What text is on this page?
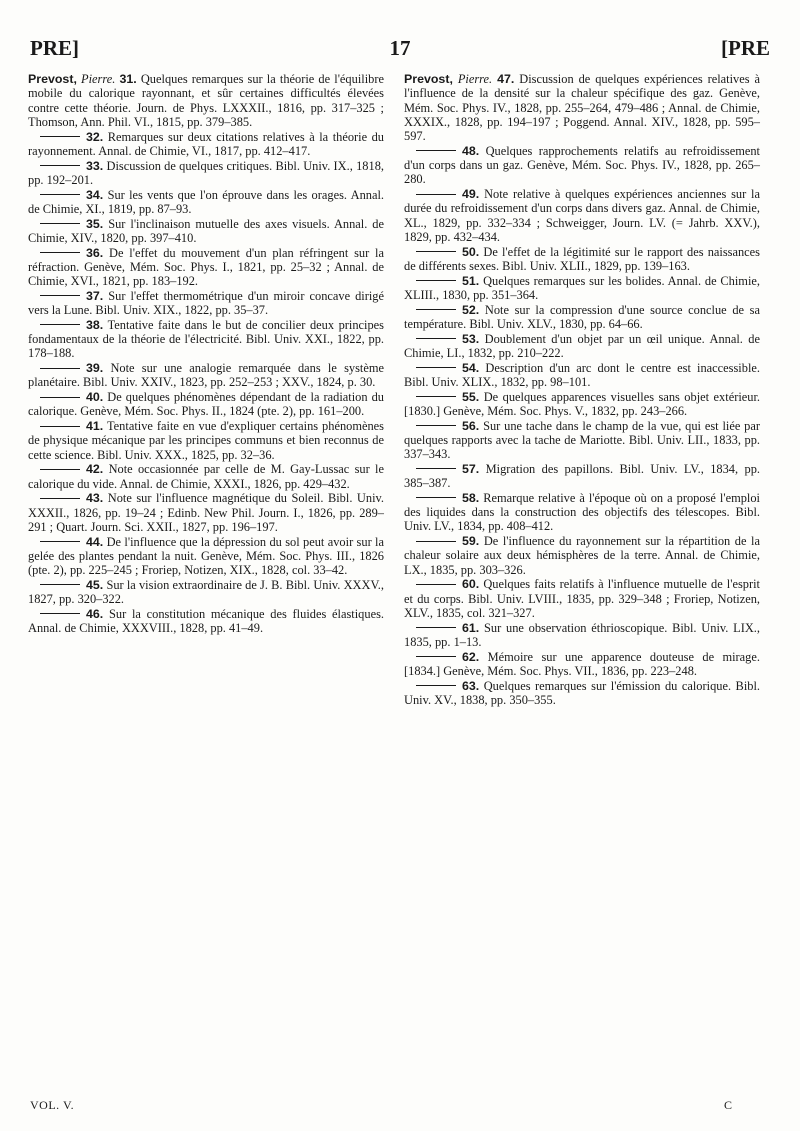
PRE]	17	[PRE

Prevost, Pierre. 31. Quelques remarques sur la théorie de l'équilibre mobile du calorique rayonnant, et sûr certaines difficultés élevées contre cette théorie. Journ. de Phys. LXXXII., 1816, pp. 317–325 ; Thomson, Ann. Phil. VI., 1815, pp. 379–385.

32. Remarques sur deux citations relatives à la théorie du rayonnement. Annal. de Chimie, VI., 1817, pp. 412–417.

33. Discussion de quelques critiques. Bibl. Univ. IX., 1818, pp. 192–201.

34. Sur les vents que l'on éprouve dans les orages. Annal. de Chimie, XI., 1819, pp. 87–93.

35. Sur l'inclinaison mutuelle des axes visuels. Annal. de Chimie, XIV., 1820, pp. 397–410.

36. De l'effet du mouvement d'un plan réfringent sur la réfraction. Genève, Mém. Soc. Phys. I., 1821, pp. 25–32 ; Annal. de Chimie, XVI., 1821, pp. 183–192.

37. Sur l'effet thermométrique d'un miroir concave dirigé vers la Lune. Bibl. Univ. XIX., 1822, pp. 35–37.

38. Tentative faite dans le but de concilier deux principes fondamentaux de la théorie de l'électricité. Bibl. Univ. XXI., 1822, pp. 178–188.

39. Note sur une analogie remarquée dans le système planétaire. Bibl. Univ. XXIV., 1823, pp. 252–253 ; XXV., 1824, p. 30.

40. De quelques phénomènes dépendant de la radiation du calorique. Genève, Mém. Soc. Phys. II., 1824 (pte. 2), pp. 161–200.

41. Tentative faite en vue d'expliquer certains phénomènes de physique mécanique par les principes communs et bien reconnus de cette science. Bibl. Univ. XXX., 1825, pp. 32–36.

42. Note occasionnée par celle de M. Gay-Lussac sur le calorique du vide. Annal. de Chimie, XXXI., 1826, pp. 429–432.

43. Note sur l'influence magnétique du Soleil. Bibl. Univ. XXXII., 1826, pp. 19–24 ; Edinb. New Phil. Journ. I., 1826, pp. 289–291 ; Quart. Journ. Sci. XXII., 1827, pp. 196–197.

44. De l'influence que la dépression du sol peut avoir sur la gelée des plantes pendant la nuit. Genève, Mém. Soc. Phys. III., 1826 (pte. 2), pp. 225–245 ; Froriep, Notizen, XIX., 1828, col. 33–42.

45. Sur la vision extraordinaire de J. B. Bibl. Univ. XXXV., 1827, pp. 320–322.

46. Sur la constitution mécanique des fluides élastiques. Annal. de Chimie, XXXVIII., 1828, pp. 41–49.

Prevost, Pierre. 47. Discussion de quelques expériences relatives à l'influence de la densité sur la chaleur spécifique des gaz. Genève, Mém. Soc. Phys. IV., 1828, pp. 255–264, 479–486 ; Annal. de Chimie, XXXIX., 1828, pp. 194–197 ; Poggend. Annal. XIV., 1828, pp. 595–597.

48. Quelques rapprochements relatifs au refroidissement d'un corps dans un gaz. Genève, Mém. Soc. Phys. IV., 1828, pp. 265–280.

49. Note relative à quelques expériences anciennes sur la durée du refroidissement d'un corps dans divers gaz. Annal. de Chimie, XL., 1829, pp. 332–334 ; Schweigger, Journ. LV. (= Jahrb. XXV.), 1829, pp. 432–434.

50. De l'effet de la légitimité sur le rapport des naissances de différents sexes. Bibl. Univ. XLII., 1829, pp. 139–163.

51. Quelques remarques sur les bolides. Annal. de Chimie, XLIII., 1830, pp. 351–364.

52. Note sur la compression d'une source conclue de sa température. Bibl. Univ. XLV., 1830, pp. 64–66.

53. Doublement d'un objet par un œil unique. Annal. de Chimie, LI., 1832, pp. 210–222.

54. Description d'un arc dont le centre est inaccessible. Bibl. Univ. XLIX., 1832, pp. 98–101.

55. De quelques apparences visuelles sans objet extérieur. [1830.] Genève, Mém. Soc. Phys. V., 1832, pp. 243–266.

56. Sur une tache dans le champ de la vue, qui est liée par quelques rapports avec la tache de Mariotte. Bibl. Univ. LII., 1833, pp. 337–343.

57. Migration des papillons. Bibl. Univ. LV., 1834, pp. 385–387.

58. Remarque relative à l'époque où on a proposé l'emploi des liquides dans la construction des objectifs des télescopes. Bibl. Univ. LV., 1834, pp. 408–412.

59. De l'influence du rayonnement sur la répartition de la chaleur solaire aux deux hémisphères de la terre. Annal. de Chimie, LX., 1835, pp. 303–326.

60. Quelques faits relatifs à l'influence mutuelle de l'esprit et du corps. Bibl. Univ. LVIII., 1835, pp. 329–348 ; Froriep, Notizen, XLV., 1835, col. 321–327.

61. Sur une observation éthrioscopique. Bibl. Univ. LIX., 1835, pp. 1–13.

62. Mémoire sur une apparence douteuse de mirage. [1834.] Genève, Mém. Soc. Phys. VII., 1836, pp. 223–248.

63. Quelques remarques sur l'émission du calorique. Bibl. Univ. XV., 1838, pp. 350–355.

VOL. V.	C
